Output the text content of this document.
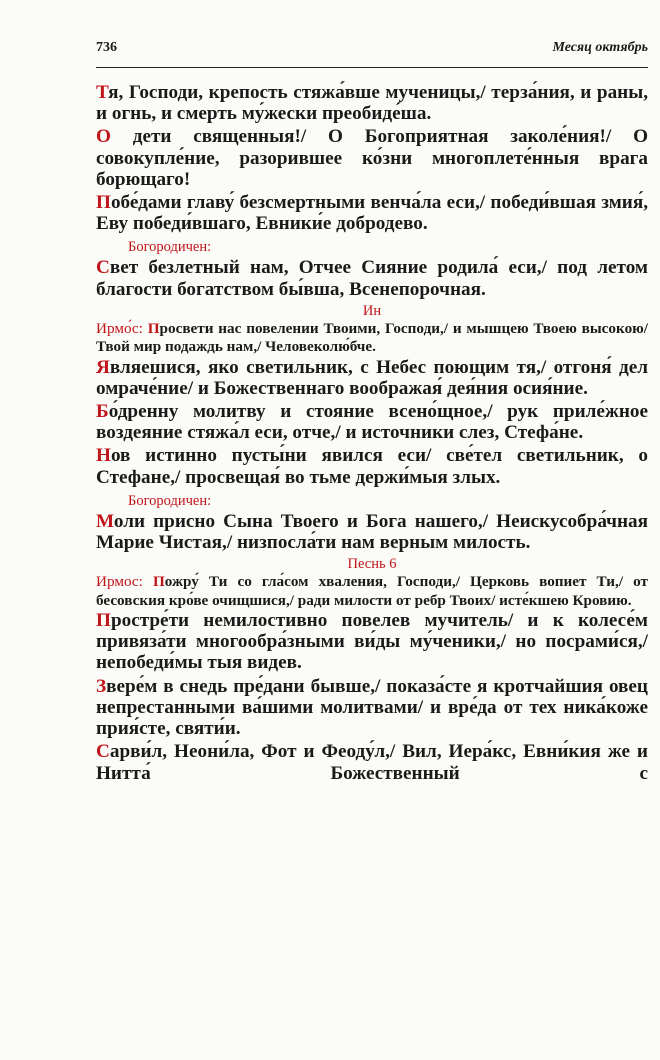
736	Месяц октябрь

Тя, Господи, крепость стяжа́вше мученицы,/ терза́ния, и раны, и огнь, и смерть му́жески преобиде́ша.

О дети священныя!/ О Богоприятная заколе́ния!/ О совокупле́ние, разорившее ко́зни многоплете́нныя врага борющаго!

Побе́дами главу́ безсмертными венча́ла еси,/ победи́вшая змия́, Еву победи́вшаго, Евники́е добродево.

Богородичен:

Свет безлетный нам, Отчее Сияние родила́ еси,/ под летом благости богатством бы́вша, Всенепорочная.

Ин

Ирмо́с: Просвети нас повелении Твоими, Господи,/ и мышцею Твоею высокою/ Твой мир подаждь нам,/ Человеколю́бче.

Являешися, яко светильник, с Небес поющим тя,/ отгоня́ дел омраче́ние/ и Божественнаго воображая́ дея́ния осия́ние.

Бо́дренну молитву и стояние всено́щное,/ рук приле́жное воздеяние стяжа́л еси, отче,/ и источники слез, Стефа́не.

Нов истинно пусты́ни явился еси/ све́тел светильник, о Стефане,/ просвещая́ во тьме держи́мыя злых.

Богородичен:

Моли присно Сына Твоего и Бога нашего,/ Неискусобра́чная Марие Чистая,/ низпосла́ти нам верным милость.

Песнь 6

Ирмос: Пожру́ Ти со гла́сом хваления, Господи,/ Церковь вопиет Ти,/ от бесовския кро́ве очищшися,/ ради милости от ребр Твоих/ исте́кшею Кровию.

Простре́ти немилостивно повелев мучитель/ и к колесе́м привяза́ти многообра́зными ви́ды му́ченики,/ но посрами́ся,/ непобеди́мы тыя видев.

Звере́м в снедь пре́дани бывше,/ показа́сте я кротчайшия овец непрестанными ва́шими молитвами/ и вре́да от тех ника́коже прия́сте, святи́и.

Сарви́л, Неони́ла, Фот и Феоду́л,/ Вил, Иера́кс, Евни́кия же и Нитта́ Божественный с
